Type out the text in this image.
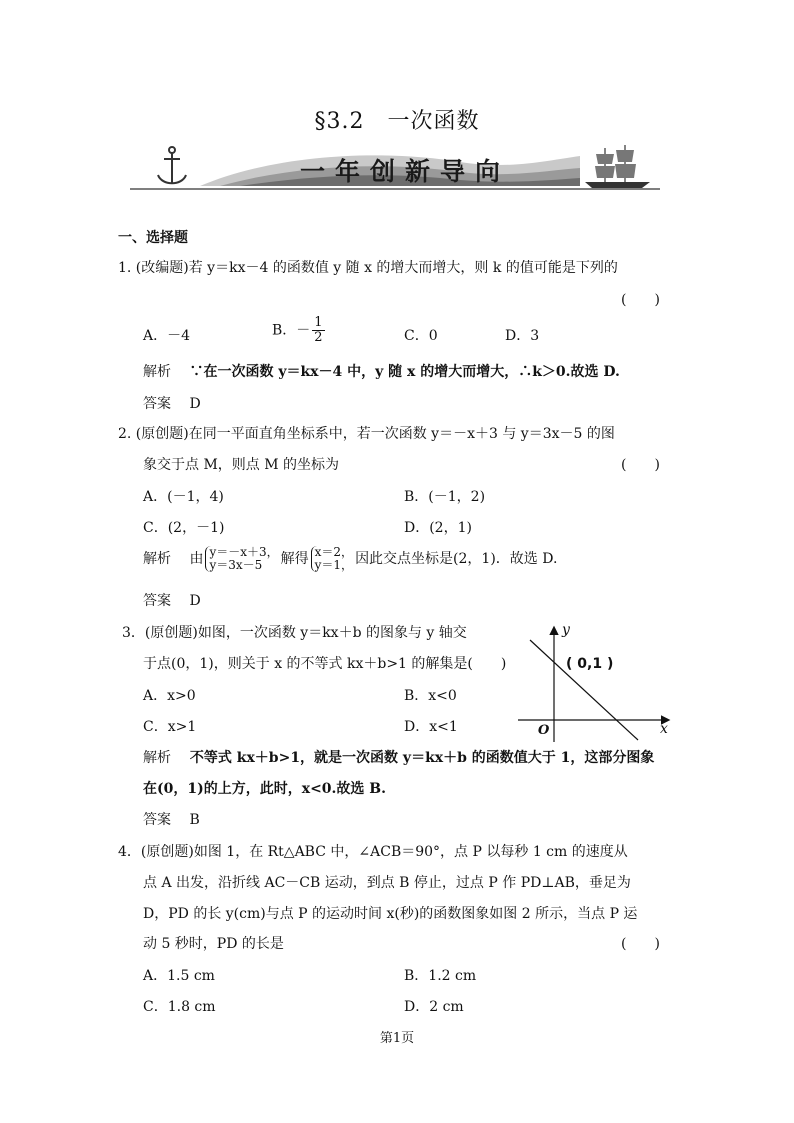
§3.2　一次函数
一年创新导向
一、选择题
1. (改编题)若 y＝kx－4 的函数值 y 随 x 的增大而增大，则 k 的值可能是下列的
(　　)
A．－4	B．－ $\frac{1}{2}$	C．0	D．3
解析 ∵在一次函数 y＝kx－4 中，y 随 x 的增大而增大，∴k＞0.故选 D.
答案 D
2. (原创题)在同一平面直角坐标系中，若一次函数 y＝－x＋3 与 y＝3x－5 的图
象交于点 M，则点 M 的坐标为	(　　)
A．(－1，4)	B．(－1，2)
C．(2，－1)	D．(2，1)
解析 由 y＝－x＋3，
y＝3x－5	解得 x＝2，
y＝1， 因此交点坐标是(2，1)．故选 D.
答案 D
3．(原创题)如图，一次函数 y＝kx＋b 的图象与 y 轴交
于点(0，1)，则关于 x 的不等式 kx＋b>1 的解集是(　　)
A．x>0	B．x<0
C．x>1	D．x<1
y
x
O
( 0,1 )
解析 不等式 kx＋b>1，就是一次函数 y＝kx＋b 的函数值大于 1，这部分图象
在(0，1)的上方，此时，x<0.故选 B.
答案 B
4．(原创题)如图 1，在 Rt△ABC 中，∠ACB＝90°，点 P 以每秒 1 cm 的速度从
点 A 出发，沿折线 AC－CB 运动，到点 B 停止，过点 P 作 PD⊥AB，垂足为
D，PD 的长 y(cm)与点 P 的运动时间 x(秒)的函数图象如图 2 所示，当点 P 运
动 5 秒时，PD 的长是	(　　)
A．1.5 cm	B．1.2 cm
C．1.8 cm	D．2 cm
第1页
